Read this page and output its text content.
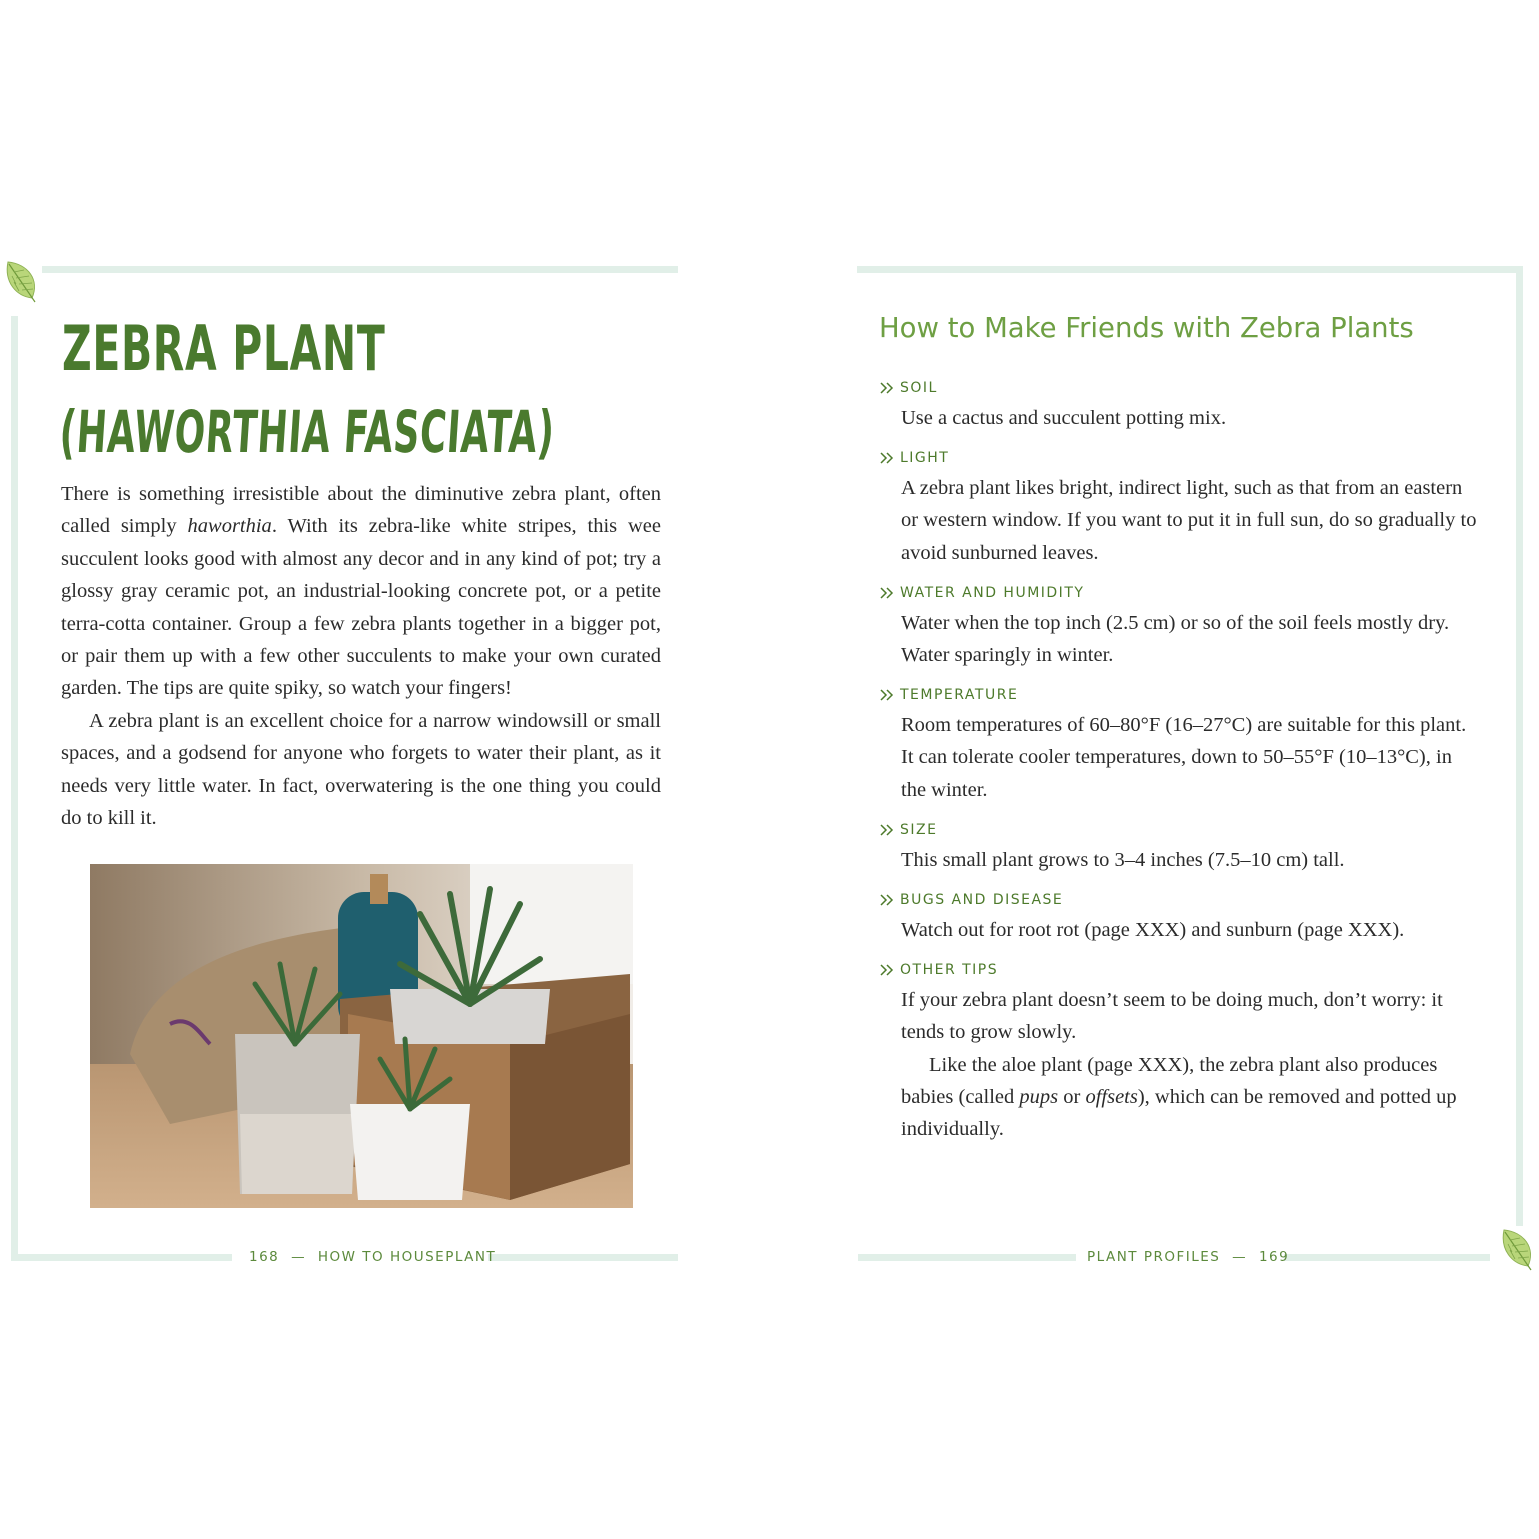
ZEBRA PLANT
(HAWORTHIA FASCIATA)

There is something irresistible about the diminutive zebra plant, often called simply haworthia. With its zebra-like white stripes, this wee succulent looks good with almost any decor and in any kind of pot; try a glossy gray ceramic pot, an industrial-looking concrete pot, or a petite terra-cotta container. Group a few zebra plants together in a bigger pot, or pair them up with a few other succulents to make your own curated garden. The tips are quite spiky, so watch your fingers!

A zebra plant is an excellent choice for a narrow windowsill or small spaces, and a godsend for anyone who forgets to water their plant, as it needs very little water. In fact, overwatering is the one thing you could do to kill it.

168 — HOW TO HOUSEPLANT
How to Make Friends with Zebra Plants
SOIL
Use a cactus and succulent potting mix.
LIGHT
A zebra plant likes bright, indirect light, such as that from an eastern or western window. If you want to put it in full sun, do so gradually to avoid sunburned leaves.
WATER AND HUMIDITY
Water when the top inch (2.5 cm) or so of the soil feels mostly dry. Water sparingly in winter.
TEMPERATURE
Room temperatures of 60–80°F (16–27°C) are suitable for this plant. It can tolerate cooler temperatures, down to 50–55°F (10–13°C), in the winter.
SIZE
This small plant grows to 3–4 inches (7.5–10 cm) tall.
BUGS AND DISEASE
Watch out for root rot (page XXX) and sunburn (page XXX).
OTHER TIPS

If your zebra plant doesn’t seem to be doing much, don’t worry: it tends to grow slowly.

Like the aloe plant (page XXX), the zebra plant also produces babies (called pups or offsets), which can be removed and potted up individually.

PLANT PROFILES — 169
